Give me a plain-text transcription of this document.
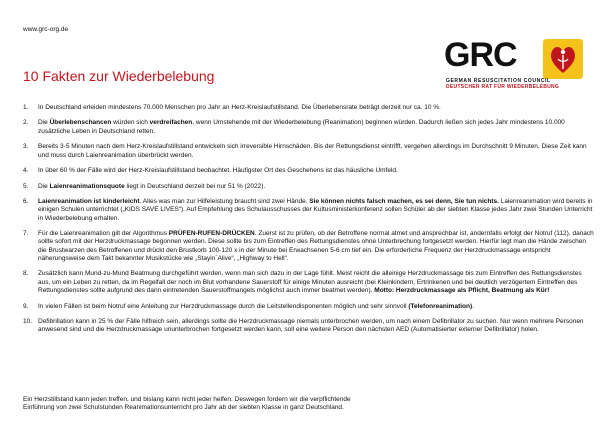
www.grc-org.de
GRC
GERMAN RESUSCITATION COUNCIL
DEUTSCHER RAT FÜR WIEDERBELEBUNG
10 Fakten zur Wiederbelebung
1. In Deutschland erleiden mindestens 70.000 Menschen pro Jahr an Herz-Kreislaufstillstand. Die Überlebensrate beträgt derzeit nur ca. 10 %.
2. Die Überlebenschancen würden sich verdreifachen, wenn Umstehende mit der Wiederbelebung (Reanimation) beginnen würden. Dadurch ließen sich jedes Jahr mindestens 10.000 zusätzliche Leben in Deutschland retten.
3. Bereits 3-5 Minuten nach dem Herz-Kreislaufstillstand entwickeln sich irreversible Hirnschäden. Bis der Rettungsdienst eintrifft, vergehen allerdings im Durchschnitt 9 Minuten. Diese Zeit kann und muss durch Laienreanimation überbrückt werden.
4. In über 60 % der Fälle wird der Herz-Kreislaufstillstand beobachtet. Häufigster Ort des Geschehens ist das häusliche Umfeld.
5. Die Laienreanimationsquote liegt in Deutschland derzeit bei nur 51 % (2022).
6. Laienreanimation ist kinderleicht. Alles was man zur Hilfeleistung braucht sind zwei Hände. Sie können nichts falsch machen, es sei denn, Sie tun nichts. Laienreanimation wird bereits in einigen Schulen unterrichtet („KIDS SAVE LIVES“). Auf Empfehlung des Schulausschusses der Kultusministerkonferenz sollen Schüler ab der siebten Klasse jedes Jahr zwei Stunden Unterricht in Wiederbelebung erhalten.
7. Für die Laienreanimation gilt der Algorithmus PRÜFEN-RUFEN-DRÜCKEN. Zuerst ist zu prüfen, ob der Betroffene normal atmet und ansprechbar ist, andernfalls erfolgt der Notruf (112), danach sollte sofort mit der Herzdruckmassage begonnen werden. Diese sollte bis zum Eintreffen des Rettungsdienstes ohne Unterbrechung fortgesetzt werden. Hierfür legt man die Hände zwischen die Brustwarzen des Betroffenen und drückt den Brustkorb 100-120 x in der Minute bei Erwachsenen 5-6 cm tief ein. Die erforderliche Frequenz der Herzdruckmassage entspricht näherungsweise dem Takt bekannter Musikstücke wie „Stayin´Alive“, „Highway to Hell“.
8. Zusätzlich kann Mund-zu-Mund Beatmung durchgeführt werden, wenn man sich dazu in der Lage fühlt. Meist reicht die alleinige Herzdruckmassage bis zum Eintreffen des Rettungsdienstes aus, um ein Leben zu retten, da im Regelfall der noch im Blut vorhandene Sauerstoff für einige Minuten ausreicht (bei Kleinkindern, Ertrinkenen und bei deutlich verzögertem Eintreffen des Rettungsdienstes sollte aufgrund des dann eintretenden Sauerstoffmangels möglichst auch immer beatmet werden). Motto: Herzdruckmassage als Pflicht, Beatmung als Kür!
9. In vielen Fällen ist beim Notruf eine Anleitung zur Herzdruckmassage durch die Leitstellendisponenten möglich und sehr sinnvoll (Telefonreanimation).
10. Defibrillation kann in 25 % der Fälle hilfreich sein, allerdings sollte die Herzdruckmassage niemals unterbrochen werden, um nach einem Defibrillator zu suchen. Nur wenn mehrere Personen anwesend sind und die Herzdruckmassage ununterbrochen fortgesetzt werden kann, soll eine weitere Person den nächsten AED (Automatisierter externer Defibrillator) holen.
Ein Herzstillstand kann jeden treffen, und bislang kann nicht jeder helfen. Deswegen fordern wir die verpflichtende
Einführung von zwei Schulstunden Reanimationsunterricht pro Jahr ab der siebten Klasse in ganz Deutschland.
